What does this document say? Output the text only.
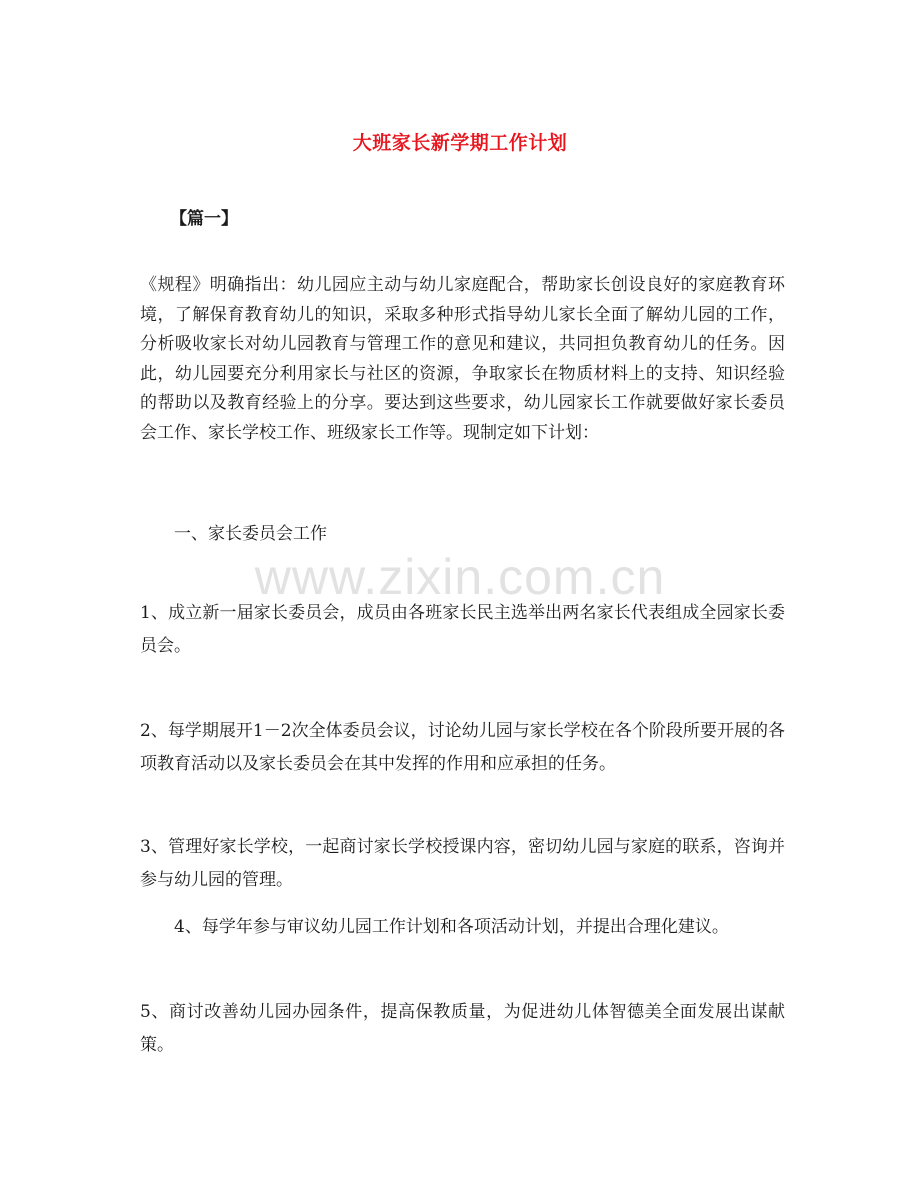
大班家长新学期工作计划
【篇一】
《规程》明确指出：幼儿园应主动与幼儿家庭配合，帮助家长创设良好的家庭教育环境，了解保育教育幼儿的知识，采取多种形式指导幼儿家长全面了解幼儿园的工作，分析吸收家长对幼儿园教育与管理工作的意见和建议，共同担负教育幼儿的任务。因此，幼儿园要充分利用家长与社区的资源，争取家长在物质材料上的支持、知识经验的帮助以及教育经验上的分享。要达到这些要求，幼儿园家长工作就要做好家长委员会工作、家长学校工作、班级家长工作等。现制定如下计划：
一、家长委员会工作
1、成立新一届家长委员会，成员由各班家长民主选举出两名家长代表组成全园家长委员会。
2、每学期展开1－2次全体委员会议，讨论幼儿园与家长学校在各个阶段所要开展的各项教育活动以及家长委员会在其中发挥的作用和应承担的任务。
3、管理好家长学校，一起商讨家长学校授课内容，密切幼儿园与家庭的联系，咨询并参与幼儿园的管理。
4、每学年参与审议幼儿园工作计划和各项活动计划，并提出合理化建议。
5、商讨改善幼儿园办园条件，提高保教质量，为促进幼儿体智德美全面发展出谋献策。
www.zixin.com.cn
